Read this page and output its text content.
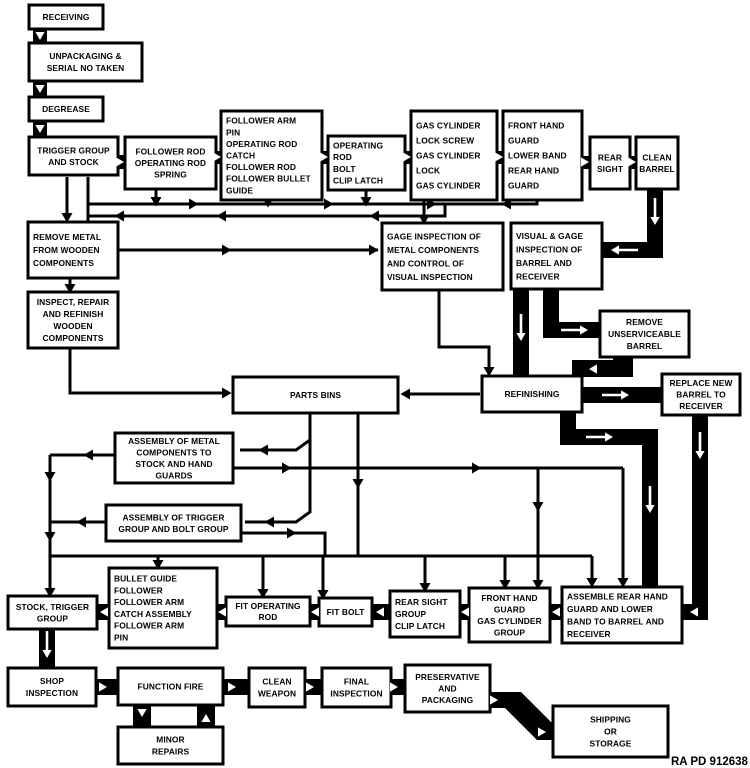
RECEIVING
UNPACKAGING & SERIAL NO TAKEN
DEGREASE
TRIGGER GROUP AND STOCK
FOLLOWER ROD OPERATING ROD SPRING
FOLLOWER ARM PIN OPERATING ROD CATCH FOLLOWER ROD FOLLOWER BULLET GUIDE
OPERATING ROD BOLT CLIP LATCH
GAS CYLINDER LOCK SCREW GAS CYLINDER LOCK GAS CYLINDER
FRONT HAND GUARD LOWER BAND REAR HAND GUARD
REAR SIGHT
CLEAN BARREL
REMOVE METAL FROM WOODEN COMPONENTS
GAGE INSPECTION OF METAL COMPONENTS AND CONTROL OF VISUAL INSPECTION
VISUAL & GAGE INSPECTION OF BARREL AND RECEIVER
INSPECT, REPAIR AND REFINISH WOODEN COMPONENTS
REMOVE UNSERVICEABLE BARREL
PARTS BINS	REFINISHING
REPLACE NEW BARREL TO RECEIVER
ASSEMBLY OF METAL COMPONENTS TO STOCK AND HAND GUARDS
ASSEMBLY OF TRIGGER GROUP AND BOLT GROUP
STOCK, TRIGGER GROUP
BULLET GUIDE FOLLOWER FOLLOWER ARM CATCH ASSEMBLY FOLLOWER ARM PIN
FIT OPERATING ROD	FIT BOLT
REAR SIGHT GROUP CLIP LATCH
FRONT HAND GUARD GAS CYLINDER GROUP
ASSEMBLE REAR HAND GUARD AND LOWER BAND TO BARREL AND RECEIVER
SHOP INSPECTION
FUNCTION FIRE	CLEAN WEAPON
FINAL INSPECTION
PRESERVATIVE AND PACKAGING
MINOR REPAIRS
SHIPPING OR STORAGE
RA PD 912638
